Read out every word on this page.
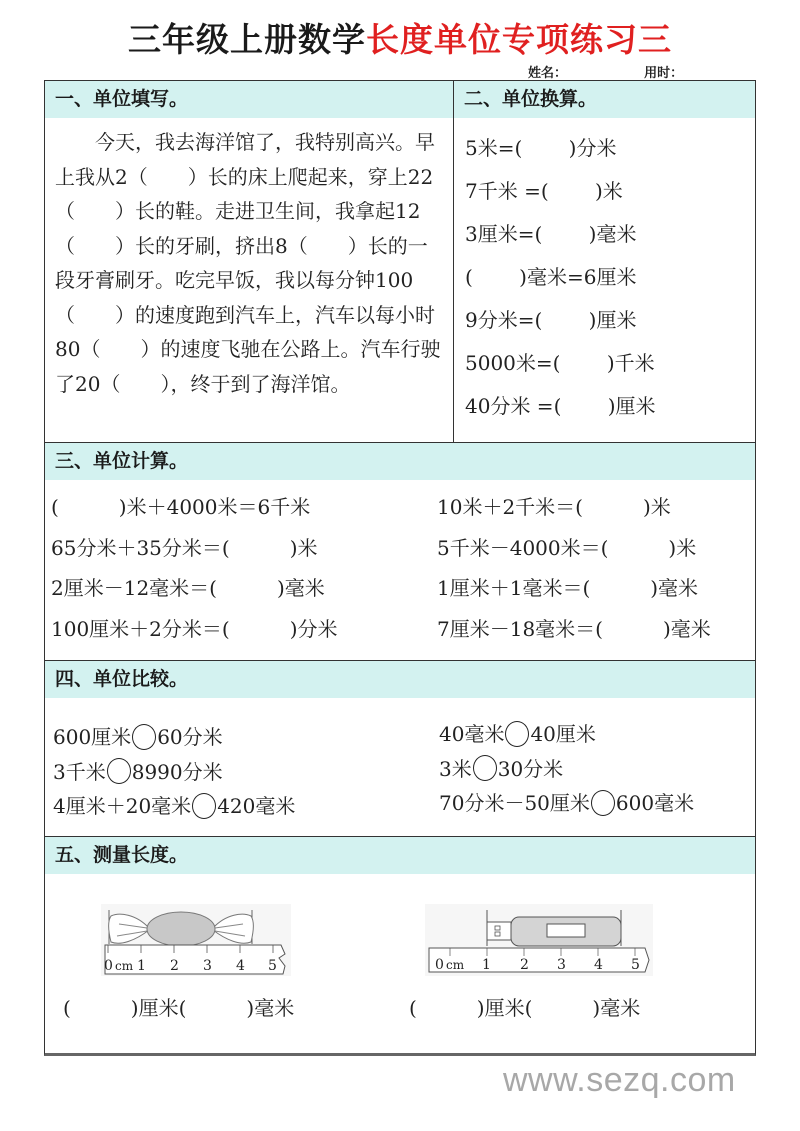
三年级上册数学长度单位专项练习三
姓名：	用时：
一、单位填写。	二、单位换算。

今天，我去海洋馆了，我特别高兴。早上我从2（　　）长的床上爬起来，穿上22（　　）长的鞋。走进卫生间，我拿起12（　　）长的牙刷，挤出8（　　）长的一段牙膏刷牙。吃完早饭，我以每分钟100（　　）的速度跑到汽车上，汽车以每小时80（　　）的速度飞驰在公路上。汽车行驶了20（　　），终于到了海洋馆。

5米=(　　 )分米
7千米 =(　　 )米
3厘米=(　　 )毫米
(　　 )毫米=6厘米
9分米=(　　 )厘米
5000米=(　　 )千米
40分米 =(　　 )厘米
三、单位计算。
(　　　)米＋4000米＝6千米
65分米＋35分米＝(　　　)米
2厘米－12毫米＝(　　　)毫米
100厘米＋2分米＝(　　　)分米
10米＋2千米＝(　　　)米
5千米－4000米＝(　　　)米
1厘米＋1毫米＝(　　　)毫米
7厘米－18毫米＝(　　　)毫米
四、单位比较。
600厘米 60分米
3千米 8990分米
4厘米＋20毫米 420毫米
40毫米 40厘米
3米 30分米
70分米－50厘米 600毫米
五、测量长度。
0 cm 1 2 3 4 5	0 cm 1 2 3 4 5
(　　　)厘米(　　　)毫米	(　　　)厘米(　　　)毫米
www.sezq.com
